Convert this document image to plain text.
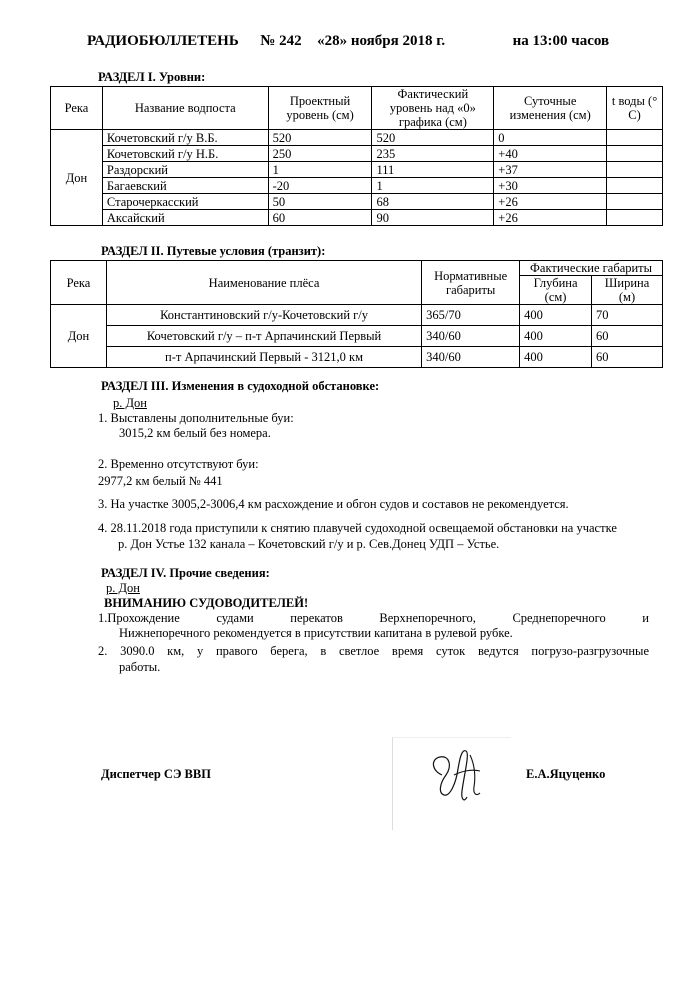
РАДИОБЮЛЛЕТЕНЬ № 242 «28» ноября 2018 г.	на 13:00 часов
РАЗДЕЛ I. Уровни:
Река	Название водпоста	Проектный уровень (см)	Фактический уровень над «0» графика (см)	Суточные изменения (см)	t воды (° С)
Дон	Кочетовский г/у В.Б.	520	520	0	
	Кочетовский г/у Н.Б.	250	235	+40	
	Раздорский	1	111	+37	
	Багаевский	-20	1	+30	
	Старочеркасский	50	68	+26	
	Аксайский	60	90	+26	
РАЗДЕЛ II. Путевые условия (транзит):
Река	Наименование плёса	Нормативные габариты	Фактические габариты	
			Глубина (см)	Ширина (м)
Дон	Константиновский г/у-Кочетовский г/у	365/70	400	70
	Кочетовский г/у – п-т Арпачинский Первый	340/60	400	60
	п-т Арпачинский Первый - 3121,0 км	340/60	400	60
РАЗДЕЛ III. Изменения в судоходной обстановке:
р. Дон
1. Выставлены дополнительные буи:
3015,2 км белый без номера.
2. Временно отсутствуют буи:
2977,2 км белый № 441
3. На участке 3005,2-3006,4 км расхождение и обгон судов и составов не рекомендуется.
4. 28.11.2018 года приступили к снятию плавучей судоходной освещаемой обстановки на участке
р. Дон Устье 132 канала – Кочетовский г/у и р. Сев.Донец УДП – Устье.
РАЗДЕЛ IV. Прочие сведения:
р. Дон
ВНИМАНИЮ СУДОВОДИТЕЛЕЙ!
1.Прохождение судами перекатов Верхнепоречного, Среднепоречного и
Нижнепоречного рекомендуется в присутствии капитана в рулевой рубке.
2. 3090.0 км, у правого берега, в светлое время суток ведутся погрузо-разгрузочные
работы.
Диспетчер СЭ ВВП	Е.А.Яцуценко
